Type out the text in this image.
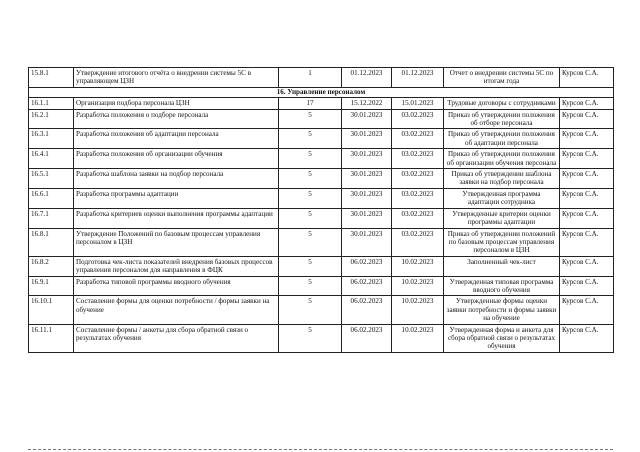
15.8.1	Утверждение итогового отчёта о внедрении системы 5С в управляющем ЦЗН	1	01.12.2023	01.12.2023	Отчет о внедрении системы 5С по итогам года	Курсов С.А.
16. Управление персоналом						
16.1.1	Организация подбора персонала ЦЗН	17	15.12.2022	15.01.2023	Трудовые договоры с сотрудниками	Курсов С.А.
16.2.1	Разработка положения о подборе персонала	5	30.01.2023	03.02.2023	Приказ об утверждении положения об отборе персонала	Курсов С.А.
16.3.1	Разработка положения об адаптации персонала	5	30.01.2023	03.02.2023	Приказ об утверждении положения об адаптации персонала	Курсов С.А.
16.4.1	Разработка положения об организации обучения	5	30.01.2023	03.02.2023	Приказ об утверждении положения об организации обучения персонала	Курсов С.А.
16.5.1	Разработка шаблона заявки на подбор персонала	5	30.01.2023	03.02.2023	Приказ об утверждении шаблона заявки на подбор персонала	Курсов С.А.
16.6.1	Разработка программы адаптации	5	30.01.2023	03.02.2023	Утвержденная программа адаптации сотрудника	Курсов С.А.
16.7.1	Разработка критериев оценки выполнения программы адаптации	5	30.01.2023	03.02.2023	Утвержденные критерии оценки программы адаптации	Курсов С.А.
16.8.1	Утверждение Положений по базовым процессам управления персоналом в ЦЗН	5	30.01.2023	03.02.2023	Приказ об утверждении положений по базовым процессам управления персоналом в ЦЗН	Курсов С.А.
16.8.2	Подготовка чек-листа показателей внедрения базовых процессов управления персоналом для направления в ФЦК	5	06.02.2023	10.02.2023	Заполненный чек-лист	Курсов С.А.
16.9.1	Разработка типовой программы вводного обучения	5	06.02.2023	10.02.2023	Утвержденная типовая программа вводного обучения	Курсов С.А.
16.10.1	Составление формы для оценки потребности / формы заявки на обучение	5	06.02.2023	10.02.2023	Утвержденные формы оценки заявки потребности и формы заявки на обучение	Курсов С.А.
16.11.1	Составление формы / анкеты для сбора обратной связи о результатах обучения	5	06.02.2023	10.02.2023	Утвержденная форма и анкета для сбора обратной связи о результатах обучения	Курсов С.А.
